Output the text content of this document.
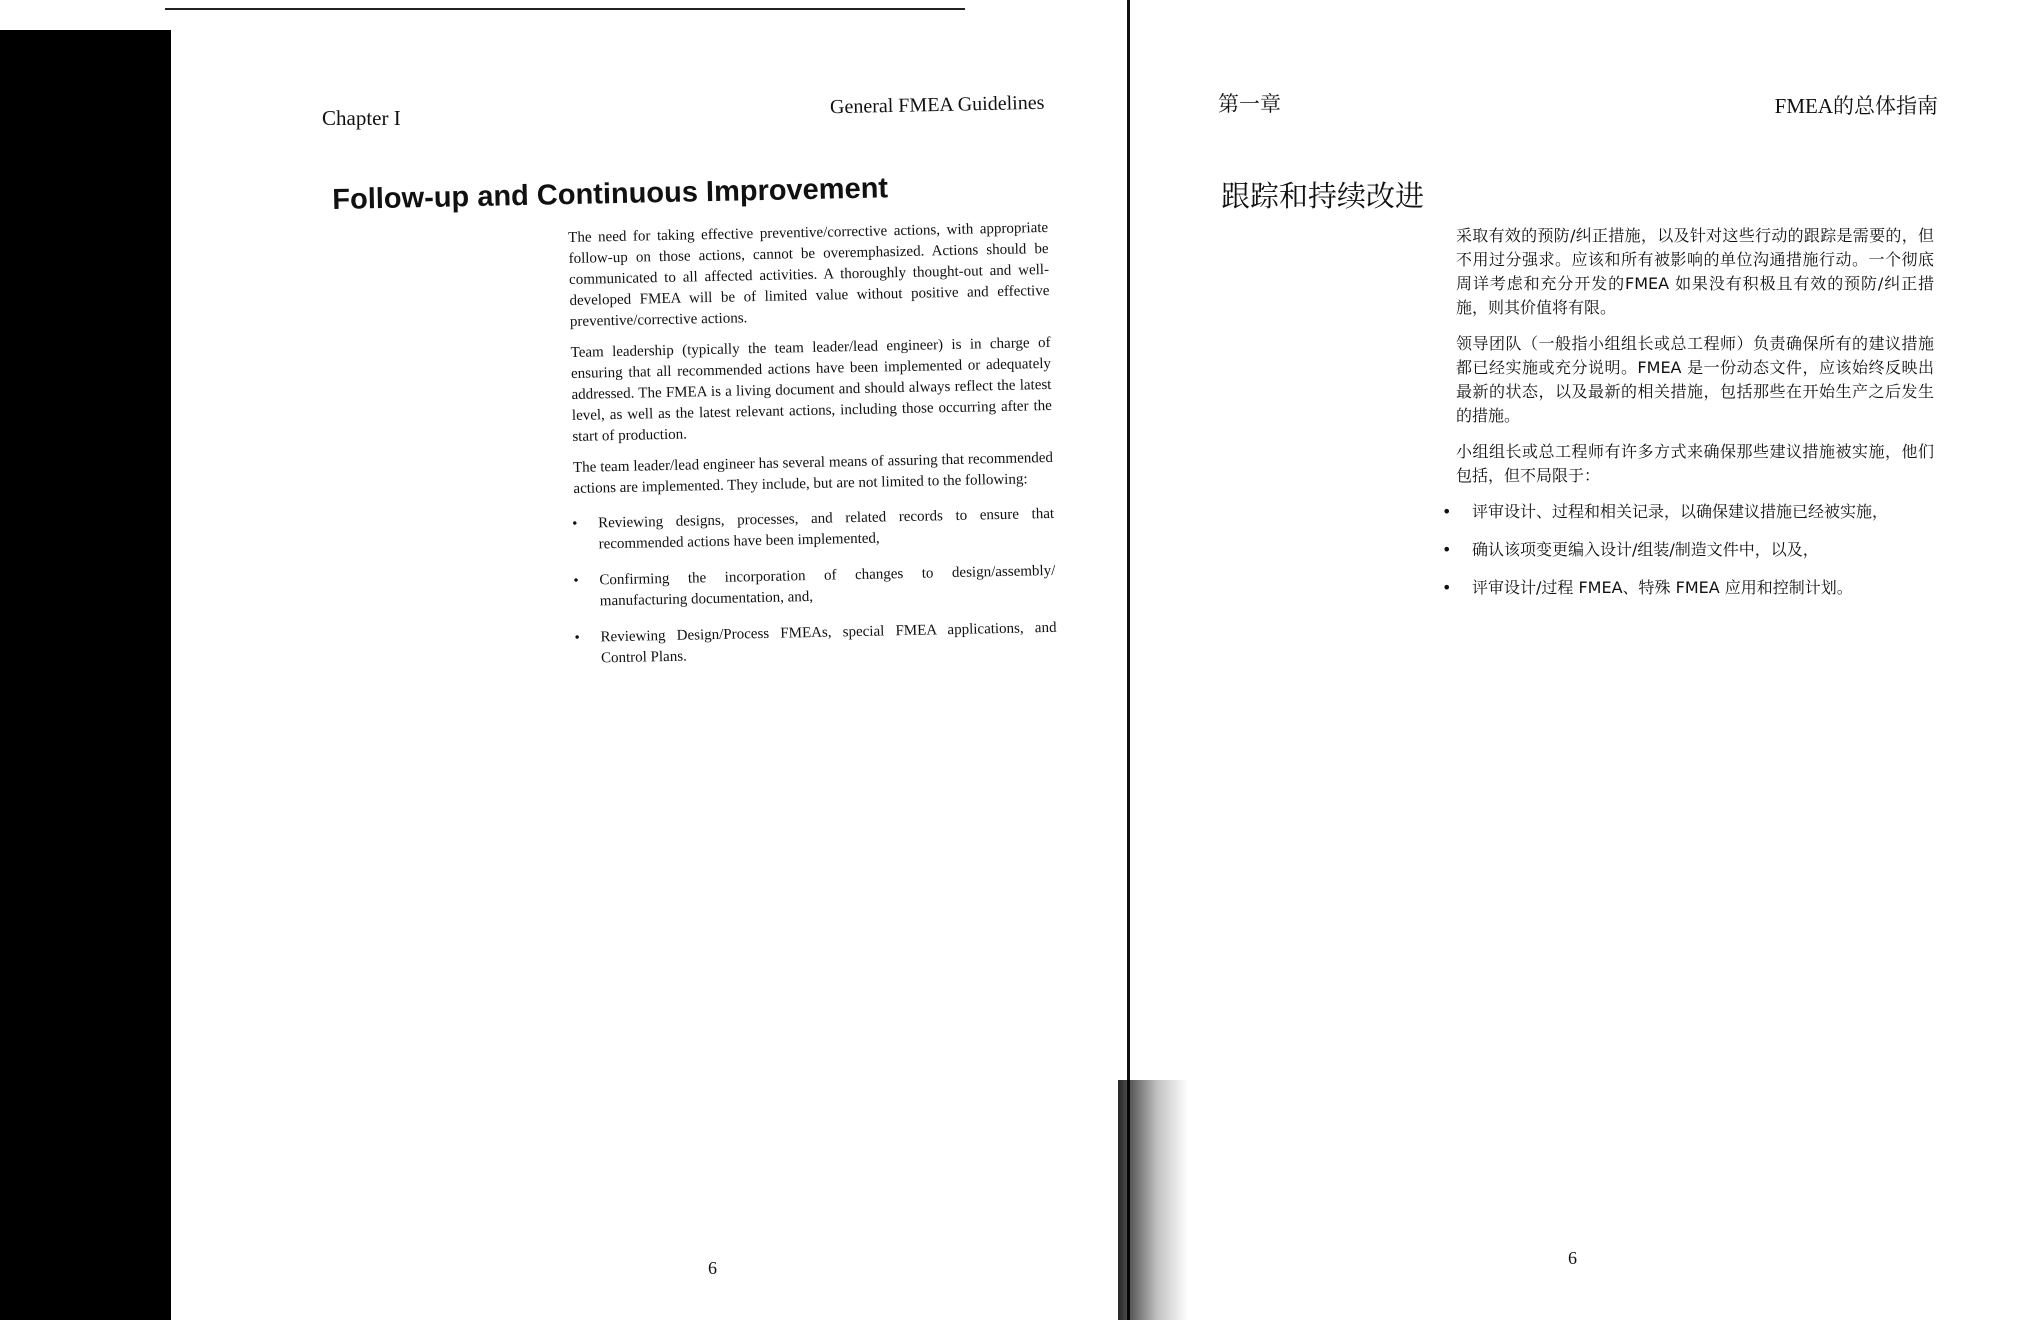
Chapter I	General FMEA Guidelines
Follow-up and Continuous Improvement

The need for taking effective preventive/corrective actions, with appropriate follow-up on those actions, cannot be overemphasized. Actions should be communicated to all affected activities. A thoroughly thought-out and well-developed FMEA will be of limited value without positive and effective preventive/corrective actions.

Team leadership (typically the team leader/lead engineer) is in charge of ensuring that all recommended actions have been implemented or adequately addressed. The FMEA is a living document and should always reflect the latest level, as well as the latest relevant actions, including those occurring after the start of production.

The team leader/lead engineer has several means of assuring that recommended actions are implemented. They include, but are not limited to the following:

• Reviewing designs, processes, and related records to ensure that recommended actions have been implemented,
• Confirming the incorporation of changes to design/assembly/ manufacturing documentation, and,
• Reviewing Design/Process FMEAs, special FMEA applications, and Control Plans.
6
第一章	FMEA的总体指南
跟踪和持续改进

采取有效的预防/纠正措施，以及针对这些行动的跟踪是需要的，但不用过分强求。应该和所有被影响的单位沟通措施行动。一个彻底周详考虑和充分开发的FMEA 如果没有积极且有效的预防/纠正措施，则其价值将有限。

领导团队（一般指小组组长或总工程师）负责确保所有的建议措施都已经实施或充分说明。FMEA 是一份动态文件，应该始终反映出最新的状态，以及最新的相关措施，包括那些在开始生产之后发生的措施。

小组组长或总工程师有许多方式来确保那些建议措施被实施，他们包括，但不局限于：

• 评审设计、过程和相关记录，以确保建议措施已经被实施，
• 确认该项变更编入设计/组装/制造文件中，以及，
• 评审设计/过程 FMEA、特殊 FMEA 应用和控制计划。
6
